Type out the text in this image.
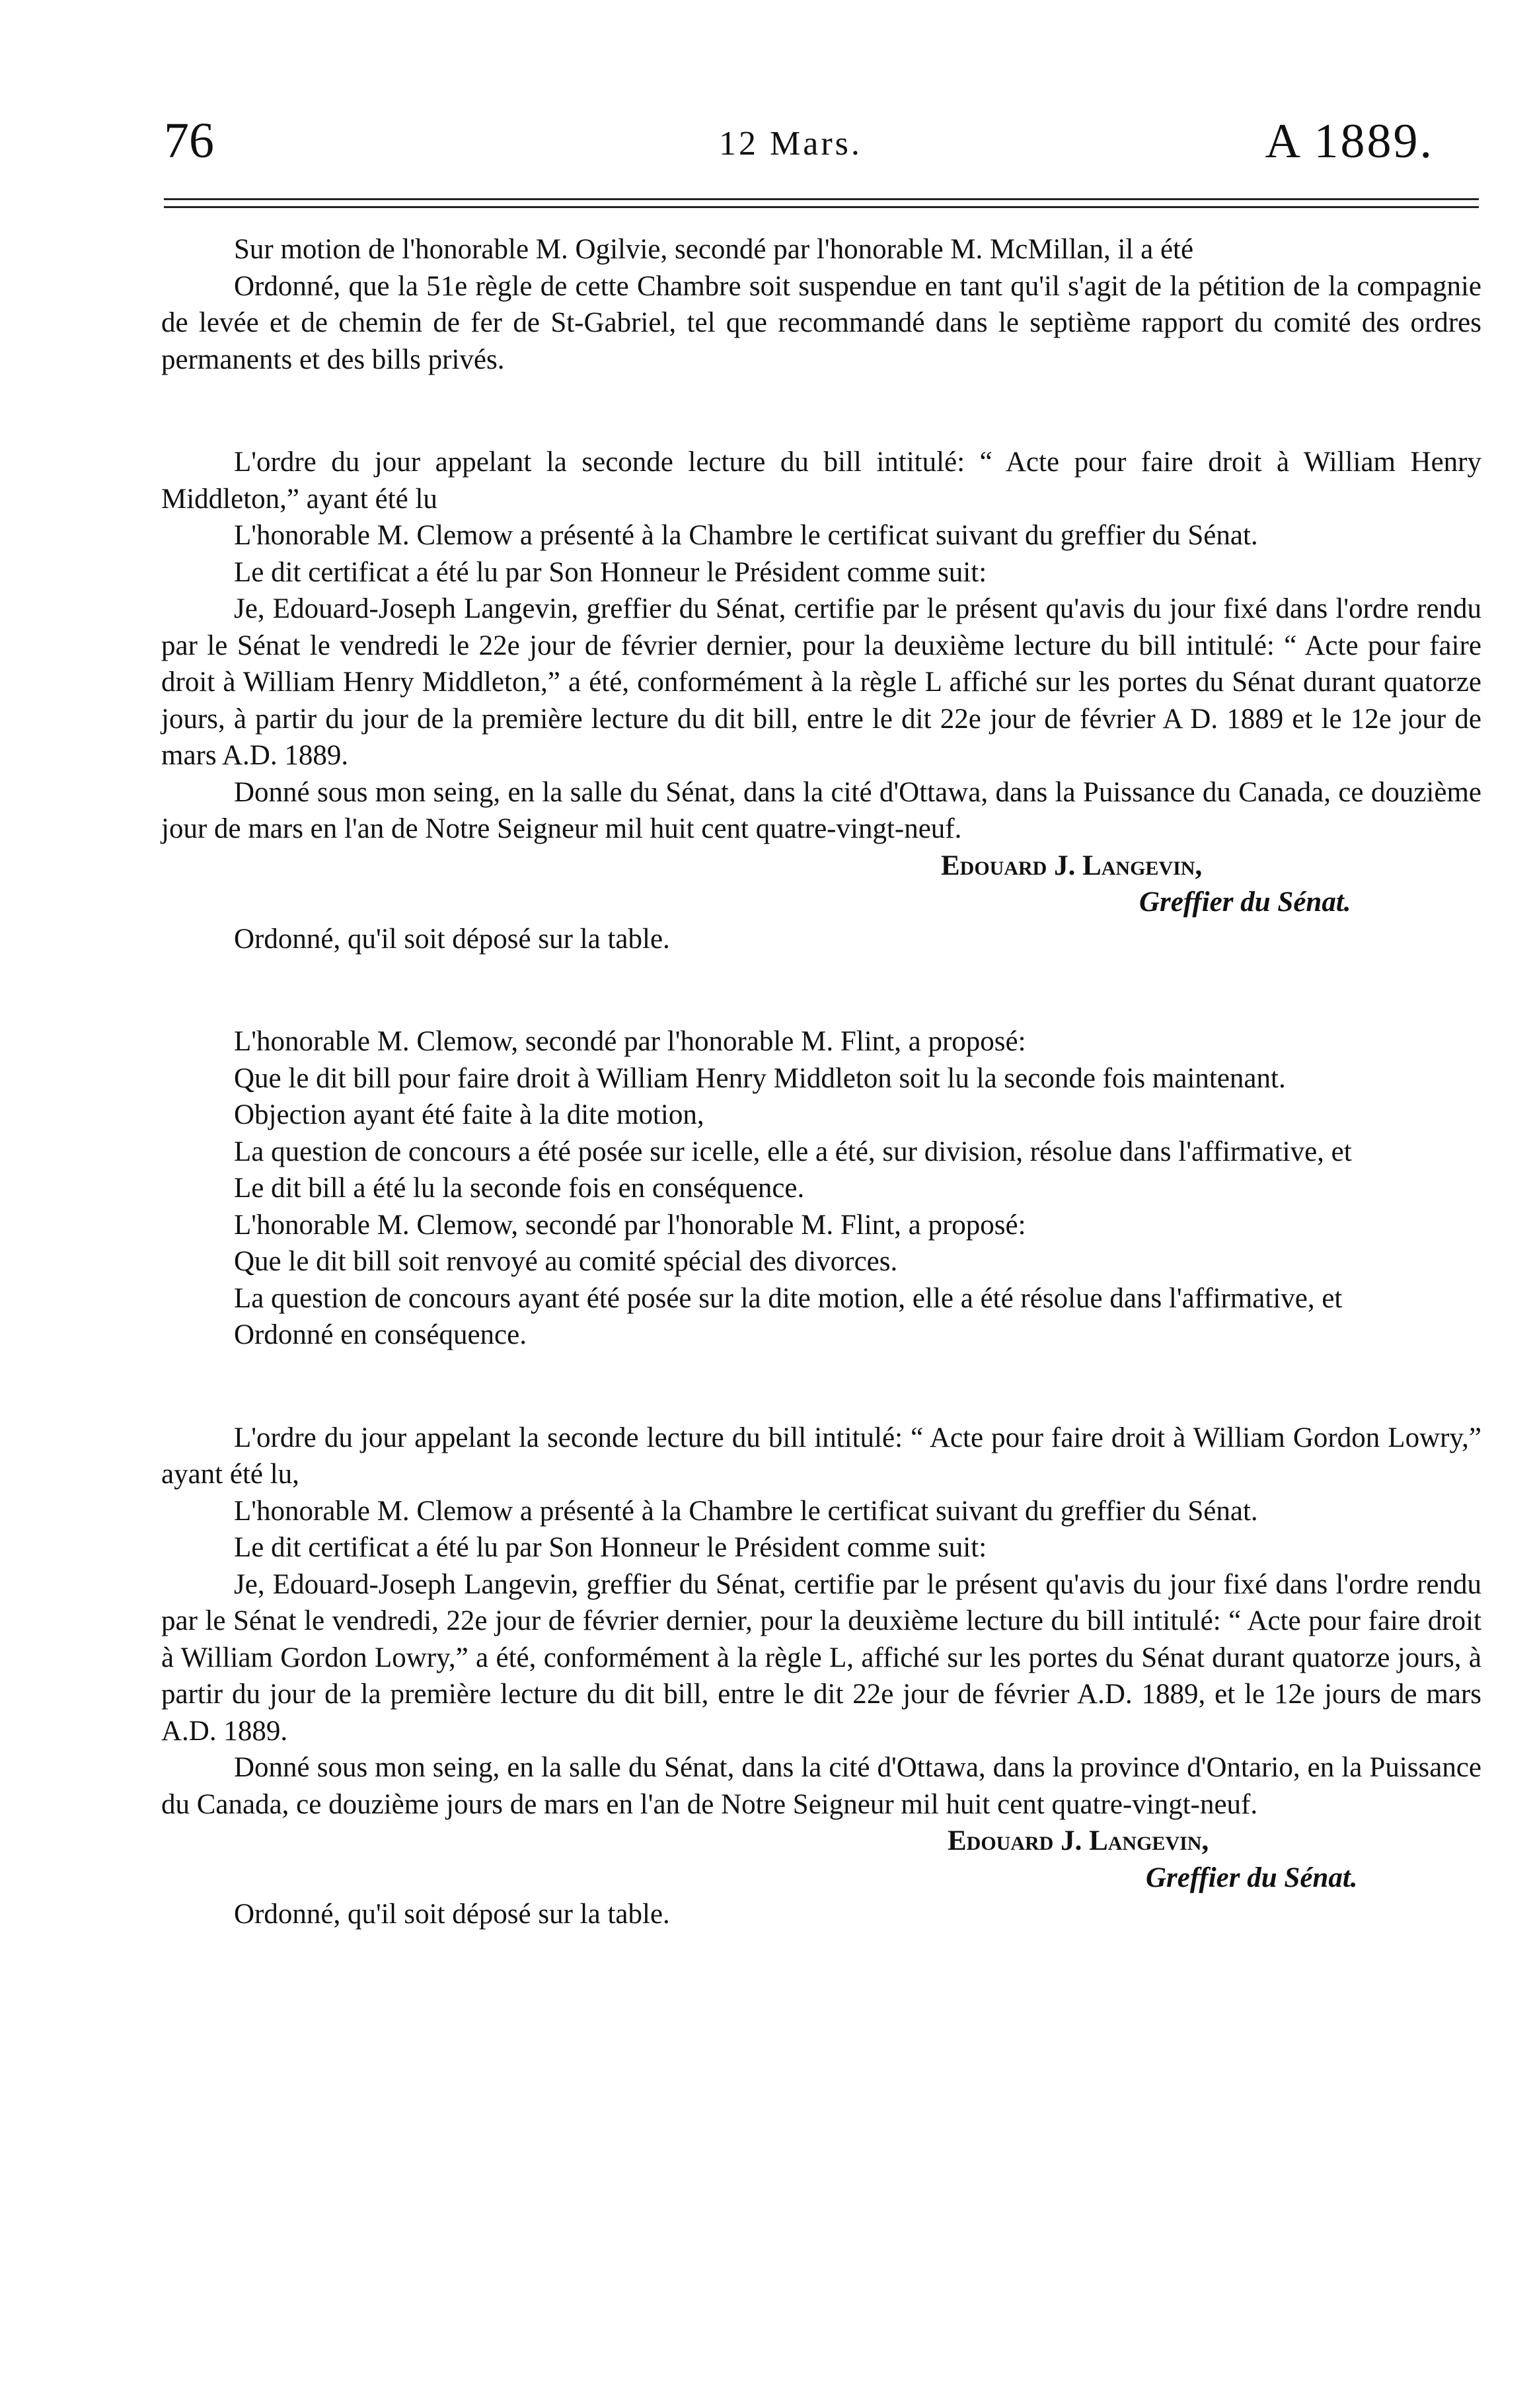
76	12 Mars.	A 1889.

Sur motion de l'honorable M. Ogilvie, secondé par l'honorable M. McMillan, il a été

Ordonné, que la 51e règle de cette Chambre soit suspendue en tant qu'il s'agit de la pétition de la compagnie de levée et de chemin de fer de St-Gabriel, tel que recommandé dans le septième rapport du comité des ordres permanents et des bills privés.

L'ordre du jour appelant la seconde lecture du bill intitulé: “ Acte pour faire droit à William Henry Middleton,” ayant été lu

L'honorable M. Clemow a présenté à la Chambre le certificat suivant du greffier du Sénat.

Le dit certificat a été lu par Son Honneur le Président comme suit:

Je, Edouard-Joseph Langevin, greffier du Sénat, certifie par le présent qu'avis du jour fixé dans l'ordre rendu par le Sénat le vendredi le 22e jour de février dernier, pour la deuxième lecture du bill intitulé: “ Acte pour faire droit à William Henry Middleton,” a été, conformément à la règle L affiché sur les portes du Sénat durant quatorze jours, à partir du jour de la première lecture du dit bill, entre le dit 22e jour de février A D. 1889 et le 12e jour de mars A.D. 1889.

Donné sous mon seing, en la salle du Sénat, dans la cité d'Ottawa, dans la Puissance du Canada, ce douzième jour de mars en l'an de Notre Seigneur mil huit cent quatre-vingt-neuf.

Edouard J. Langevin,

Greffier du Sénat.

Ordonné, qu'il soit déposé sur la table.

L'honorable M. Clemow, secondé par l'honorable M. Flint, a proposé:

Que le dit bill pour faire droit à William Henry Middleton soit lu la seconde fois maintenant.

Objection ayant été faite à la dite motion,

La question de concours a été posée sur icelle, elle a été, sur division, résolue dans l'affirmative, et

Le dit bill a été lu la seconde fois en conséquence.

L'honorable M. Clemow, secondé par l'honorable M. Flint, a proposé:

Que le dit bill soit renvoyé au comité spécial des divorces.

La question de concours ayant été posée sur la dite motion, elle a été résolue dans l'affirmative, et

Ordonné en conséquence.

L'ordre du jour appelant la seconde lecture du bill intitulé: “ Acte pour faire droit à William Gordon Lowry,” ayant été lu,

L'honorable M. Clemow a présenté à la Chambre le certificat suivant du greffier du Sénat.

Le dit certificat a été lu par Son Honneur le Président comme suit:

Je, Edouard-Joseph Langevin, greffier du Sénat, certifie par le présent qu'avis du jour fixé dans l'ordre rendu par le Sénat le vendredi, 22e jour de février dernier, pour la deuxième lecture du bill intitulé: “ Acte pour faire droit à William Gordon Lowry,” a été, conformément à la règle L, affiché sur les portes du Sénat durant quatorze jours, à partir du jour de la première lecture du dit bill, entre le dit 22e jour de février A.D. 1889, et le 12e jours de mars A.D. 1889.

Donné sous mon seing, en la salle du Sénat, dans la cité d'Ottawa, dans la province d'Ontario, en la Puissance du Canada, ce douzième jours de mars en l'an de Notre Seigneur mil huit cent quatre-vingt-neuf.

Edouard J. Langevin,

Greffier du Sénat.

Ordonné, qu'il soit déposé sur la table.
